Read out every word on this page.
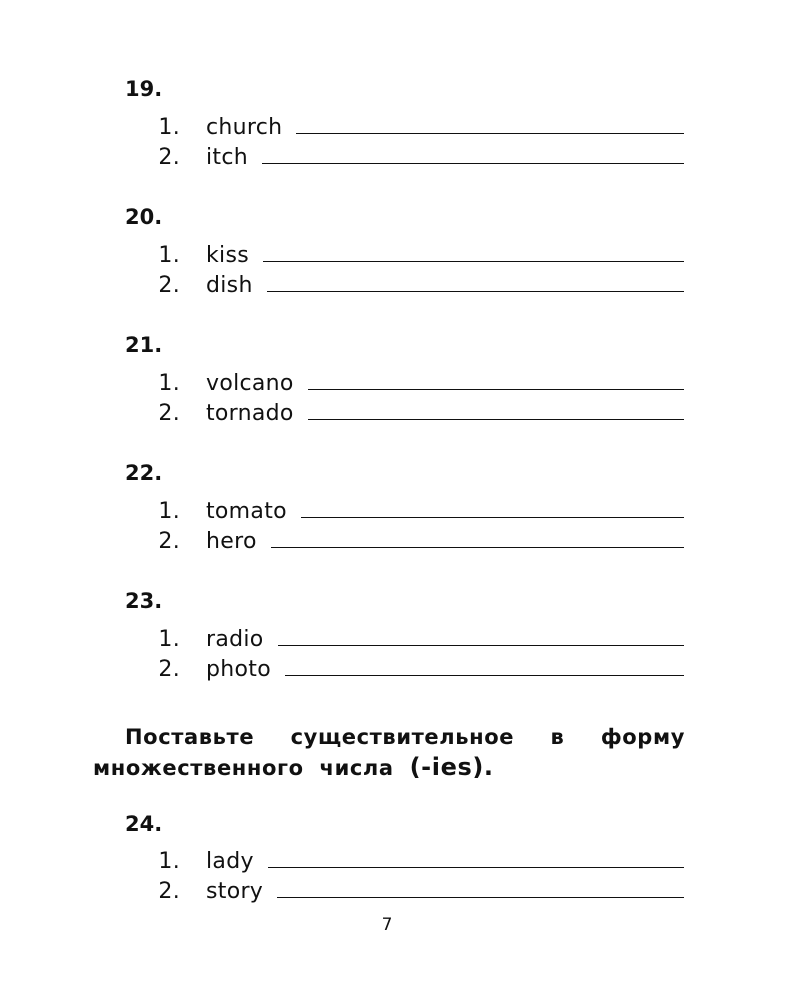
19.
1. church
2. itch
20.
1. kiss
2. dish
21.
1. volcano
2. tornado
22.
1. tomato
2. hero
23.
1. radio
2. photo
Поставьте существительное в форму
множественного числа (-ies).
24.
1. lady
2. story
7
